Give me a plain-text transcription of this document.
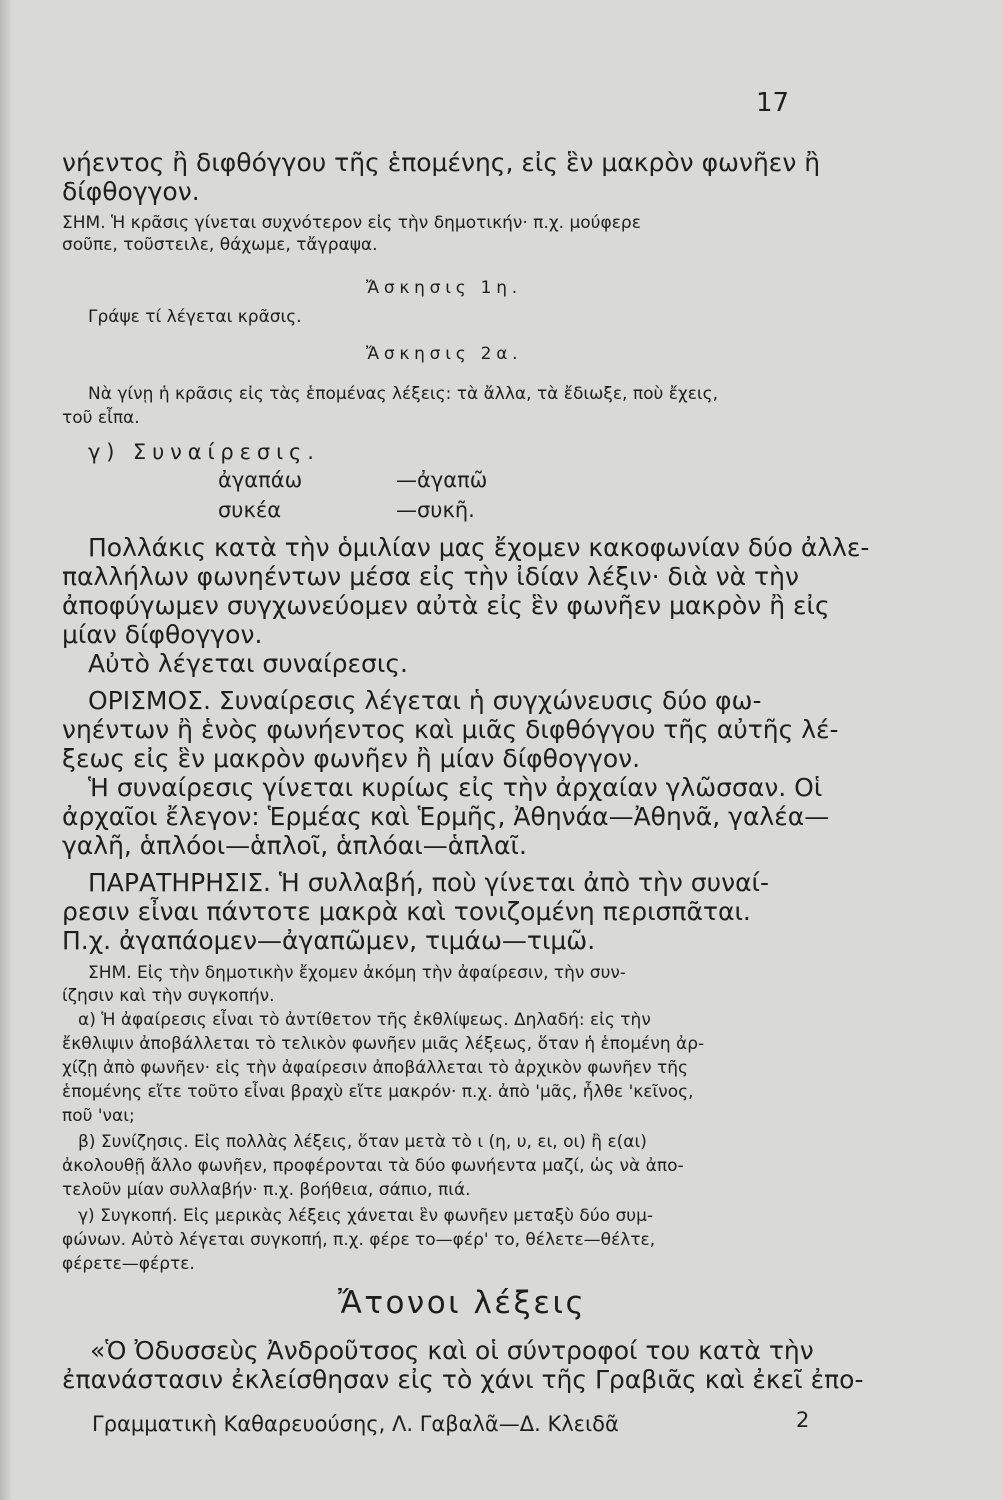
17
νήεντος ἢ διφθόγγου τῆς ἑπομένης, εἰς ἓν μακρὸν φωνῆεν ἢ
δίφθογγον.
ΣΗΜ. Ἡ κρᾶσις γίνεται συχνότερον εἰς τὴν δημοτικήν· π.χ. μούφερε
σοῦπε, τοῦστειλε, θάχωμε, τἄγραψα.
Ἄσκησις 1η.
Γράψε τί λέγεται κρᾶσις.
Ἄσκησις 2α.
Νὰ γίνῃ ἡ κρᾶσις εἰς τὰς ἑπομένας λέξεις: τὰ ἄλλα, τὰ ἔδιωξε, ποὺ ἔχεις,
τοῦ εἶπα.
γ) Συναίρεσις.
ἀγαπάω	—ἀγαπῶ
συκέα	—συκῆ.
Πολλάκις κατὰ τὴν ὁμιλίαν μας ἔχομεν κακοφωνίαν δύο ἀλλε-
παλλήλων φωνηέντων μέσα εἰς τὴν ἰδίαν λέξιν· διὰ νὰ τὴν
ἀποφύγωμεν συγχωνεύομεν αὐτὰ εἰς ἓν φωνῆεν μακρὸν ἢ εἰς
μίαν δίφθογγον.
Αὐτὸ λέγεται συναίρεσις.
ΟΡΙΣΜΟΣ. Συναίρεσις λέγεται ἡ συγχώνευσις δύο φω-
νηέντων ἢ ἑνὸς φωνήεντος καὶ μιᾶς διφθόγγου τῆς αὐτῆς λέ-
ξεως εἰς ἓν μακρὸν φωνῆεν ἢ μίαν δίφθογγον.
Ἡ συναίρεσις γίνεται κυρίως εἰς τὴν ἀρχαίαν γλῶσσαν. Οἱ
ἀρχαῖοι ἔλεγον: Ἑρμέας καὶ Ἑρμῆς, Ἀθηνάα—Ἀθηνᾶ, γαλέα—
γαλῆ, ἁπλόοι—ἁπλοῖ, ἁπλόαι—ἁπλαῖ.
ΠΑΡΑΤΗΡΗΣΙΣ. Ἡ συλλαβή, ποὺ γίνεται ἀπὸ τὴν συναί-
ρεσιν εἶναι πάντοτε μακρὰ καὶ τονιζομένη περισπᾶται.
Π.χ. ἀγαπάομεν—ἀγαπῶμεν, τιμάω—τιμῶ.
ΣΗΜ. Εἰς τὴν δημοτικὴν ἔχομεν ἀκόμη τὴν ἀφαίρεσιν, τὴν συν-
ίζησιν καὶ τὴν συγκοπήν.
α) Ἡ ἀφαίρεσις εἶναι τὸ ἀντίθετον τῆς ἐκθλίψεως. Δηλαδή: εἰς τὴν
ἔκθλιψιν ἀποβάλλεται τὸ τελικὸν φωνῆεν μιᾶς λέξεως, ὅταν ἡ ἑπομένη ἀρ-
χίζῃ ἀπὸ φωνῆεν· εἰς τὴν ἀφαίρεσιν ἀποβάλλεται τὸ ἀρχικὸν φωνῆεν τῆς
ἑπομένης εἴτε τοῦτο εἶναι βραχὺ εἴτε μακρόν· π.χ. ἀπὸ 'μᾶς, ἦλθε 'κεῖνος,
ποῦ 'ναι;
β) Συνίζησις. Εἰς πολλὰς λέξεις, ὅταν μετὰ τὸ ι (η, υ, ει, οι) ἢ ε(αι)
ἀκολουθῇ ἄλλο φωνῆεν, προφέρονται τὰ δύο φωνήεντα μαζί, ὡς νὰ ἀπο-
τελοῦν μίαν συλλαβήν· π.χ. βοήθεια, σάπιο, πιά.
γ) Συγκοπή. Εἰς μερικὰς λέξεις χάνεται ἓν φωνῆεν μεταξὺ δύο συμ-
φώνων. Αὐτὸ λέγεται συγκοπή, π.χ. φέρε το—φέρ' το, θέλετε—θέλτε,
φέρετε—φέρτε.
Ἄτονοι λέξεις
«Ὁ Ὀδυσσεὺς Ἀνδροῦτσος καὶ οἱ σύντροφοί του κατὰ τὴν
ἐπανάστασιν ἐκλείσθησαν εἰς τὸ χάνι τῆς Γραβιᾶς καὶ ἐκεῖ ἐπο-
Γραμματικὴ Καθαρευούσης, Λ. Γαβαλᾶ—Δ. Κλειδᾶ	2
